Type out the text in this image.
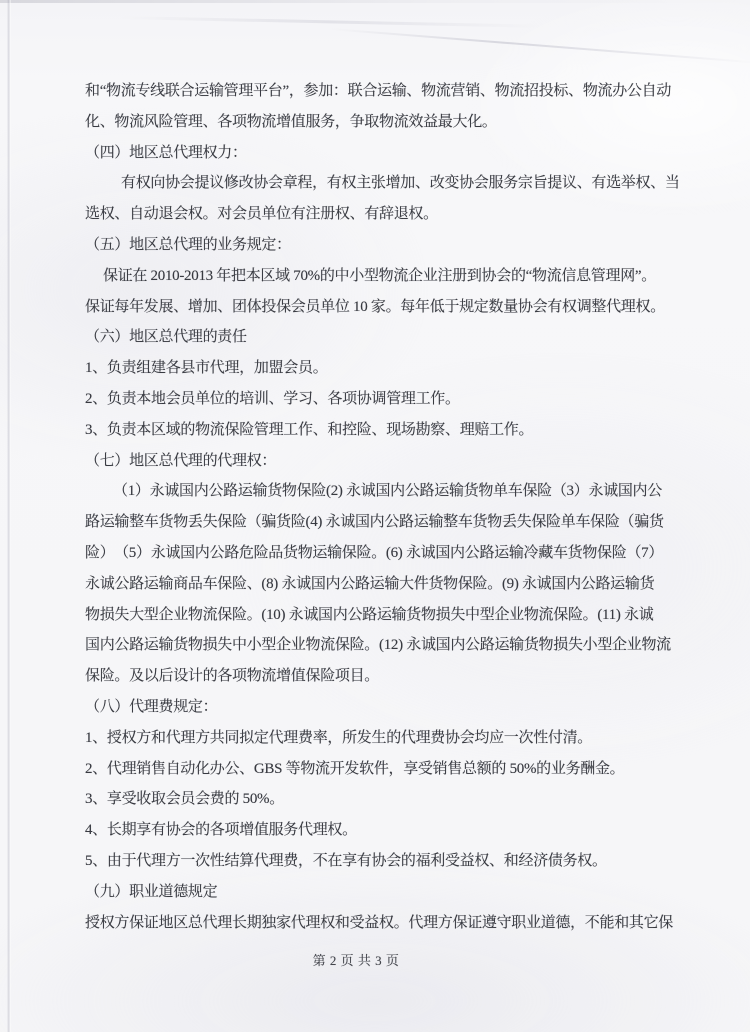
和“物流专线联合运输管理平台”，参加：联合运输、物流营销、物流招投标、物流办公自动
化、物流风险管理、各项物流增值服务，争取物流效益最大化。
（四）地区总代理权力：
有权向协会提议修改协会章程，有权主张增加、改变协会服务宗旨提议、有选举权、当
选权、自动退会权。对会员单位有注册权、有辞退权。
（五）地区总代理的业务规定：
保证在 2010-2013 年把本区域 70%的中小型物流企业注册到协会的“物流信息管理网”。
保证每年发展、增加、团体投保会员单位 10 家。每年低于规定数量协会有权调整代理权。
（六）地区总代理的责任
1、负责组建各县市代理，加盟会员。
2、负责本地会员单位的培训、学习、各项协调管理工作。
3、负责本区域的物流保险管理工作、和控险、现场勘察、理赔工作。
（七）地区总代理的代理权：
（1）永诚国内公路运输货物保险(2) 永诚国内公路运输货物单车保险（3）永诚国内公
路运输整车货物丢失保险（骗货险(4) 永诚国内公路运输整车货物丢失保险单车保险（骗货
险）　（5）永诚国内公路危险品货物运输保险。(6) 永诚国内公路运输冷藏车货物保险（7）
永诚公路运输商品车保险、(8) 永诚国内公路运输大件货物保险。(9) 永诚国内公路运输货
物损失大型企业物流保险。(10) 永诚国内公路运输货物损失中型企业物流保险。(11) 永诚
国内公路运输货物损失中小型企业物流保险。(12) 永诚国内公路运输货物损失小型企业物流
保险。及以后设计的各项物流增值保险项目。
（八）代理费规定：
1、授权方和代理方共同拟定代理费率，所发生的代理费协会均应一次性付清。
2、代理销售自动化办公、GBS 等物流开发软件，享受销售总额的 50%的业务酬金。
3、享受收取会员会费的 50%。
4、长期享有协会的各项增值服务代理权。
5、由于代理方一次性结算代理费，不在享有协会的福利受益权、和经济债务权。
（九）职业道德规定
授权方保证地区总代理长期独家代理权和受益权。代理方保证遵守职业道德，不能和其它保
第 2 页 共 3 页
